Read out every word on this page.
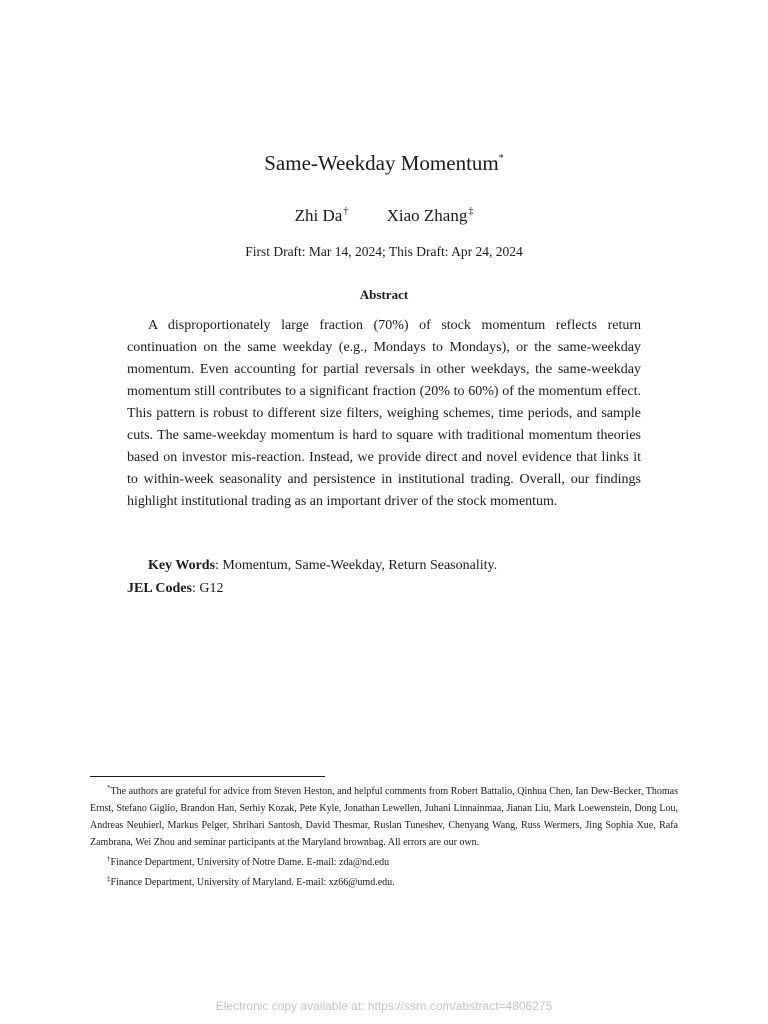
Same-Weekday Momentum*
Zhi Da† Xiao Zhang‡
First Draft: Mar 14, 2024; This Draft: Apr 24, 2024
Abstract

A disproportionately large fraction (70%) of stock momentum reflects return continuation on the same weekday (e.g., Mondays to Mondays), or the same-weekday momentum. Even accounting for partial reversals in other weekdays, the same-weekday momentum still contributes to a significant fraction (20% to 60%) of the momentum effect. This pattern is robust to different size filters, weighing schemes, time periods, and sample cuts. The same-weekday momentum is hard to square with traditional momentum theories based on investor mis-reaction. Instead, we provide direct and novel evidence that links it to within-week seasonality and persistence in institutional trading. Overall, our findings highlight institutional trading as an important driver of the stock momentum.

Key Words: Momentum, Same-Weekday, Return Seasonality.
JEL Codes: G12

*The authors are grateful for advice from Steven Heston, and helpful comments from Robert Battalio, Qinhua Chen, Ian Dew-Becker, Thomas Ernst, Stefano Giglio, Brandon Han, Serhiy Kozak, Pete Kyle, Jonathan Lewellen, Juhani Linnainmaa, Jianan Liu, Mark Loewenstein, Dong Lou, Andreas Neuhierl, Markus Pelger, Shrihari Santosh, David Thesmar, Ruslan Tuneshev, Chenyang Wang, Russ Wermers, Jing Sophia Xue, Rafa Zambrana, Wei Zhou and seminar participants at the Maryland brownbag. All errors are our own.

†Finance Department, University of Notre Dame. E-mail: zda@nd.edu

‡Finance Department, University of Maryland. E-mail: xz66@umd.edu.

Electronic copy available at: https://ssrn.com/abstract=4806275
